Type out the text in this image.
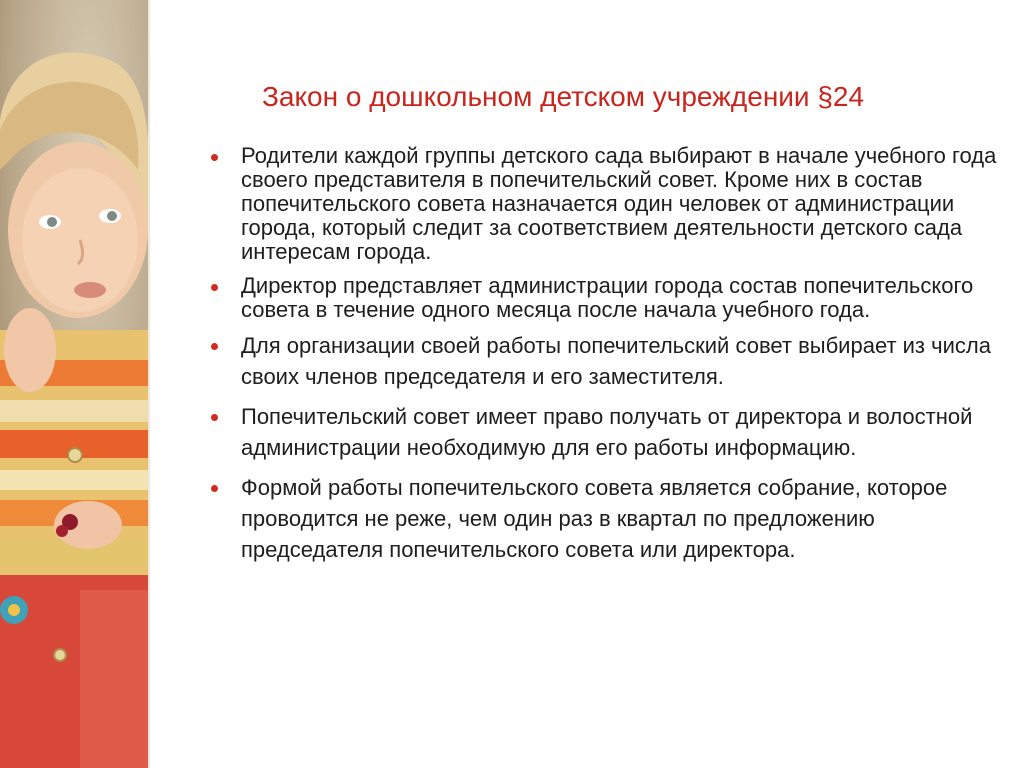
Закон о дошкольном детском учреждении §24
Родители каждой группы детского сада выбирают в начале учебного года своего представителя в попечительский совет. Кроме них в состав попечительского совета назначается один человек от администрации города, который следит за соответствием деятельности детского сада интересам города.
Директор представляет администрации города состав попечительского совета в течение одного месяца после начала учебного года.
Для организации своей работы попечительский совет выбирает из числа своих членов председателя и его заместителя.
Попечительский совет имеет право получать от директора и волостной администрации необходимую для его работы информацию.
Формой работы попечительского совета является собрание, которое проводится не реже, чем один раз в квартал по предложению председателя попечительского совета или директора.
